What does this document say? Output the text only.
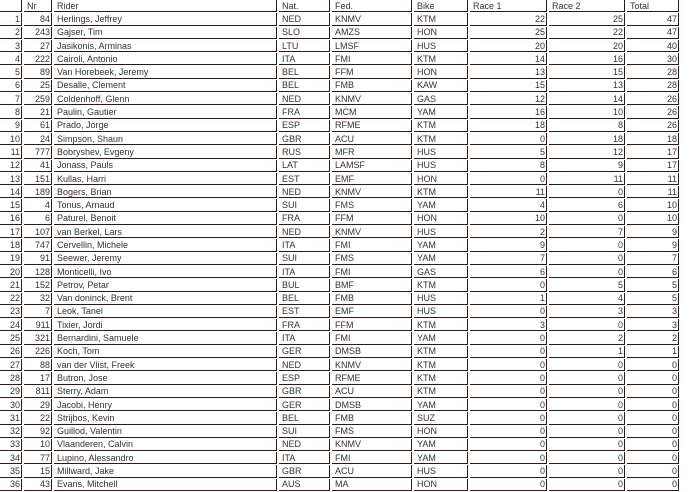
	Nr	Rider	Nat.	Fed.	Bike	Race 1	Race 2	Total
1	84	Herlings, Jeffrey	NED	KNMV	KTM	22	25	47
2	243	Gajser, Tim	SLO	AMZS	HON	25	22	47
3	27	Jasikonis, Arminas	LTU	LMSF	HUS	20	20	40
4	222	Cairoli, Antonio	ITA	FMI	KTM	14	16	30
5	89	Van Horebeek, Jeremy	BEL	FFM	HON	13	15	28
6	25	Desalle, Clement	BEL	FMB	KAW	15	13	28
7	259	Coldenhoff, Glenn	NED	KNMV	GAS	12	14	26
8	21	Paulin, Gautier	FRA	MCM	YAM	16	10	26
9	61	Prado, Jorge	ESP	RFME	KTM	18	8	26
10	24	Simpson, Shaun	GBR	ACU	KTM	0	18	18
11	777	Bobryshev, Evgeny	RUS	MFR	HUS	5	12	17
12	41	Jonass, Pauls	LAT	LAMSF	HUS	8	9	17
13	151	Kullas, Harri	EST	EMF	HON	0	11	11
14	189	Bogers, Brian	NED	KNMV	KTM	11	0	11
15	4	Tonus, Arnaud	SUI	FMS	YAM	4	6	10
16	6	Paturel, Benoit	FRA	FFM	HON	10	0	10
17	107	van Berkel, Lars	NED	KNMV	HUS	2	7	9
18	747	Cervellin, Michele	ITA	FMI	YAM	9	0	9
19	91	Seewer, Jeremy	SUI	FMS	YAM	7	0	7
20	128	Monticelli, Ivo	ITA	FMI	GAS	6	0	6
21	152	Petrov, Petar	BUL	BMF	KTM	0	5	5
22	32	Van doninck, Brent	BEL	FMB	HUS	1	4	5
23	7	Leok, Tanel	EST	EMF	HUS	0	3	3
24	911	Tixier, Jordi	FRA	FFM	KTM	3	0	3
25	321	Bernardini, Samuele	ITA	FMI	YAM	0	2	2
26	226	Koch, Tom	GER	DMSB	KTM	0	1	1
27	88	van der Vlist, Freek	NED	KNMV	KTM	0	0	0
28	17	Butron, Jose	ESP	RFME	KTM	0	0	0
29	811	Sterry, Adam	GBR	ACU	KTM	0	0	0
30	29	Jacobi, Henry	GER	DMSB	YAM	0	0	0
31	22	Strijbos, Kevin	BEL	FMB	SUZ	0	0	0
32	92	Guillod, Valentin	SUI	FMS	HON	0	0	0
33	10	Vlaanderen, Calvin	NED	KNMV	YAM	0	0	0
34	77	Lupino, Alessandro	ITA	FMI	YAM	0	0	0
35	15	Millward, Jake	GBR	ACU	HUS	0	0	0
36	43	Evans, Mitchell	AUS	MA	HON	0	0	0
